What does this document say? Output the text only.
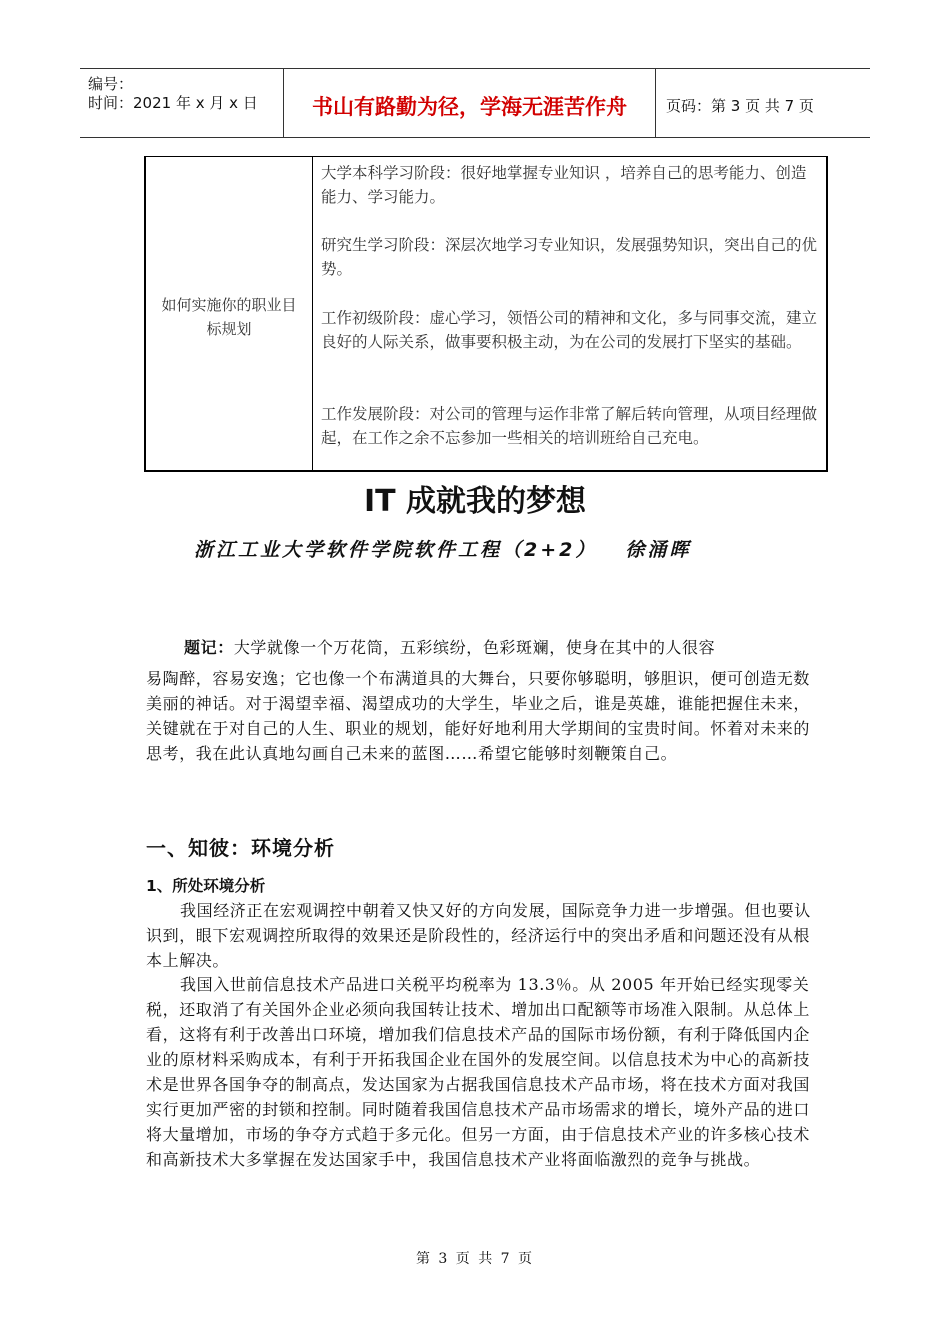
编号：
时间：2021 年 x 月 x 日	书山有路勤为径，学海无涯苦作舟	页码：第 3 页 共 7 页
如何实施你的职业目标规划
大学本科学习阶段：很好地掌握专业知识 ，培养自己的思考能力、创造能力、学习能力。
研究生学习阶段：深层次地学习专业知识，发展强势知识，突出自己的优势。
工作初级阶段：虚心学习，领悟公司的精神和文化，多与同事交流，建立良好的人际关系，做事要积极主动，为在公司的发展打下坚实的基础。
工作发展阶段：对公司的管理与运作非常了解后转向管理，从项目经理做起，在工作之余不忘参加一些相关的培训班给自己充电。
IT 成就我的梦想
浙江工业大学软件学院软件工程（2+2） 徐涌晖
题记：大学就像一个万花筒，五彩缤纷，色彩斑斓，使身在其中的人很容
易陶醉，容易安逸；它也像一个布满道具的大舞台，只要你够聪明，够胆识，便可创造无数美丽的神话。对于渴望幸福、渴望成功的大学生，毕业之后，谁是英雄，谁能把握住未来，关键就在于对自己的人生、职业的规划，能好好地利用大学期间的宝贵时间。怀着对未来的思考，我在此认真地勾画自己未来的蓝图……希望它能够时刻鞭策自己。
一、知彼：环境分析
1、所处环境分析
我国经济正在宏观调控中朝着又快又好的方向发展，国际竞争力进一步增强。但也要认识到，眼下宏观调控所取得的效果还是阶段性的，经济运行中的突出矛盾和问题还没有从根本上解决。
我国入世前信息技术产品进口关税平均税率为 13.3％。从 2005 年开始已经实现零关税，还取消了有关国外企业必须向我国转让技术、增加出口配额等市场准入限制。从总体上看，这将有利于改善出口环境，增加我们信息技术产品的国际市场份额，有利于降低国内企业的原材料采购成本，有利于开拓我国企业在国外的发展空间。以信息技术为中心的高新技术是世界各国争夺的制高点，发达国家为占据我国信息技术产品市场，将在技术方面对我国实行更加严密的封锁和控制。同时随着我国信息技术产品市场需求的增长，境外产品的进口将大量增加，市场的争夺方式趋于多元化。但另一方面，由于信息技术产业的许多核心技术和高新技术大多掌握在发达国家手中，我国信息技术产业将面临激烈的竞争与挑战。
第 3 页 共 7 页
